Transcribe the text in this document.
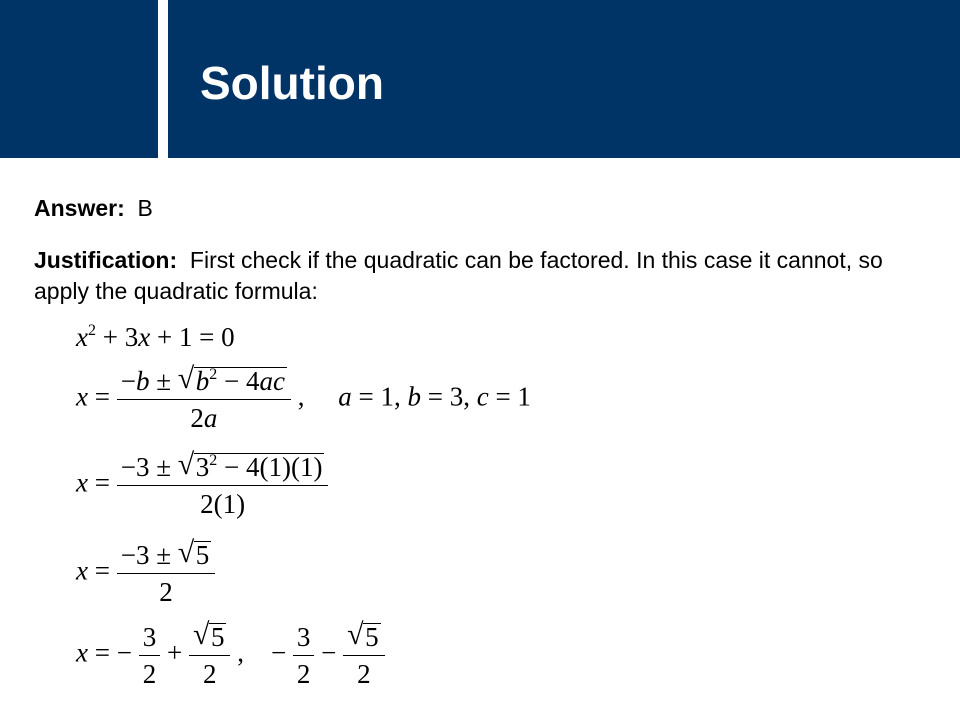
Solution

Answer: B

Justification: First check if the quadratic can be factored. In this case it cannot, so apply the quadratic formula:

$x^2 + 3x + 1 = 0$
$x = \frac{-b \pm √ b^2 - 4ac}{2a}$ ,     a = 1, b = 3, c = 1
$x = \frac{-3 \pm √ 3^2 - 4(1)(1)}{2(1)}$
$x = \frac{-3 \pm √ 5}{2}$
x = − $\frac{3}{2} + \frac{√ 5}{2}$ ,    − $\frac{3}{2} - \frac{√ 5}{2}$
